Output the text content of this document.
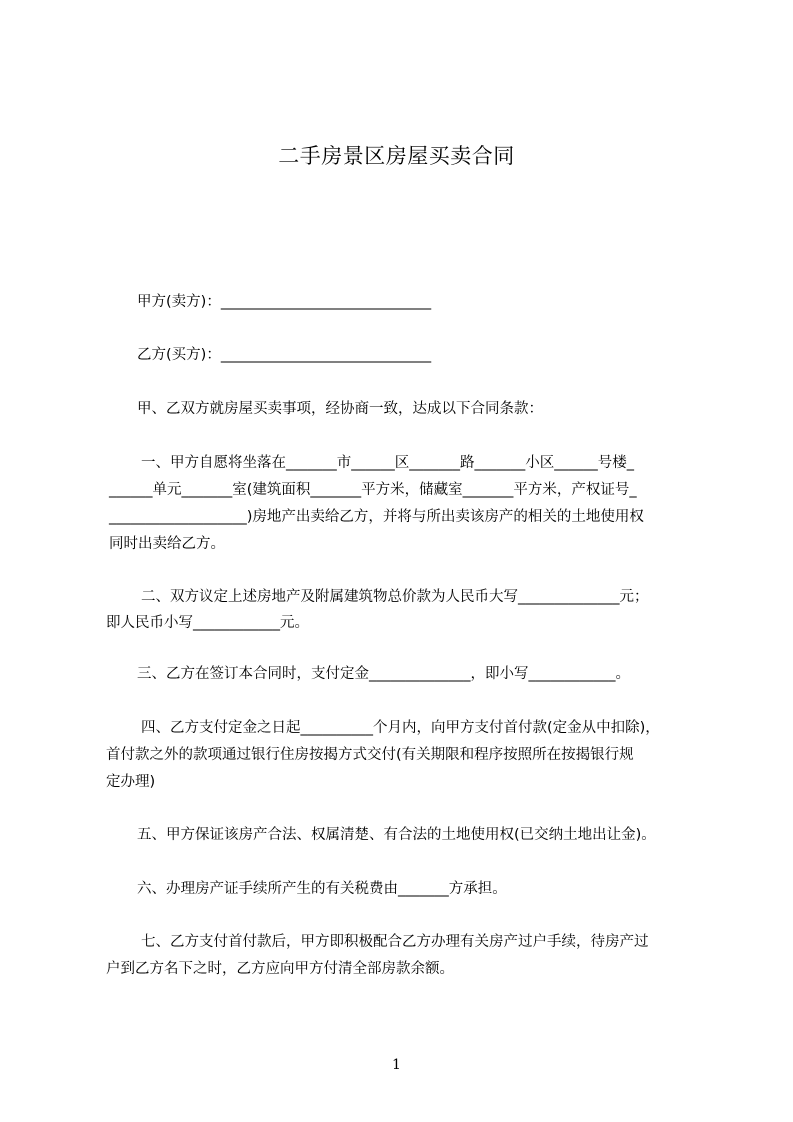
二手房景区房屋买卖合同
甲方(卖方)：_____________________________
乙方(买方)：_____________________________
甲、乙双方就房屋买卖事项，经协商一致，达成以下合同条款：
一、甲方自愿将坐落在_______市______区_______路_______小区______号楼_
______单元_______室(建筑面积_______平方米，储藏室_______平方米，产权证号_
___________________)房地产出卖给乙方，并将与所出卖该房产的相关的土地使用权
同时出卖给乙方。
二、双方议定上述房地产及附属建筑物总价款为人民币大写______________元；
即人民币小写____________元。
三、乙方在签订本合同时，支付定金______________，即小写____________。
四、乙方支付定金之日起__________个月内，向甲方支付首付款(定金从中扣除)，
首付款之外的款项通过银行住房按揭方式交付(有关期限和程序按照所在按揭银行规
定办理)
五、甲方保证该房产合法、权属清楚、有合法的土地使用权(已交纳土地出让金)。
六、办理房产证手续所产生的有关税费由_______方承担。
七、乙方支付首付款后，甲方即积极配合乙方办理有关房产过户手续，待房产过
户到乙方名下之时，乙方应向甲方付清全部房款余额。
1
